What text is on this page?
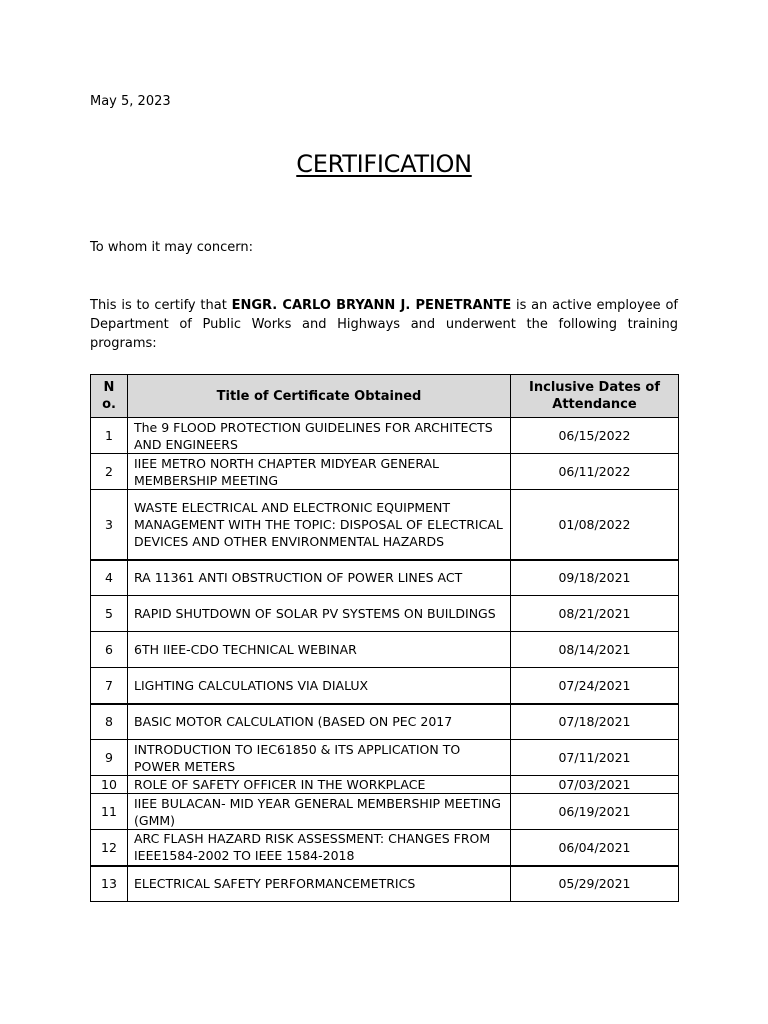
May 5, 2023
CERTIFICATION
To whom it may concern:
This is to certify that ENGR. CARLO BRYANN J. PENETRANTE is an active employee of Department of Public Works and Highways and underwent the following training programs:
No.	Title of Certificate Obtained	Inclusive Dates of Attendance
1	The 9 FLOOD PROTECTION GUIDELINES FOR ARCHITECTS AND ENGINEERS	06/15/2022
2	IIEE METRO NORTH CHAPTER MIDYEAR GENERAL MEMBERSHIP MEETING	06/11/2022
3	WASTE ELECTRICAL AND ELECTRONIC EQUIPMENT MANAGEMENT WITH THE TOPIC: DISPOSAL OF ELECTRICAL DEVICES AND OTHER ENVIRONMENTAL HAZARDS	01/08/2022
4	RA 11361 ANTI OBSTRUCTION OF POWER LINES ACT	09/18/2021
5	RAPID SHUTDOWN OF SOLAR PV SYSTEMS ON BUILDINGS	08/21/2021
6	6TH IIEE-CDO TECHNICAL WEBINAR	08/14/2021
7	LIGHTING CALCULATIONS VIA DIALUX	07/24/2021
8	BASIC MOTOR CALCULATION (BASED ON PEC 2017	07/18/2021
9	INTRODUCTION TO IEC61850 & ITS APPLICATION TO POWER METERS	07/11/2021
10	ROLE OF SAFETY OFFICER IN THE WORKPLACE	07/03/2021
11	IIEE BULACAN- MID YEAR GENERAL MEMBERSHIP MEETING (GMM)	06/19/2021
12	ARC FLASH HAZARD RISK ASSESSMENT: CHANGES FROM IEEE1584-2002 TO IEEE 1584-2018	06/04/2021
13	ELECTRICAL SAFETY PERFORMANCEMETRICS	05/29/2021
